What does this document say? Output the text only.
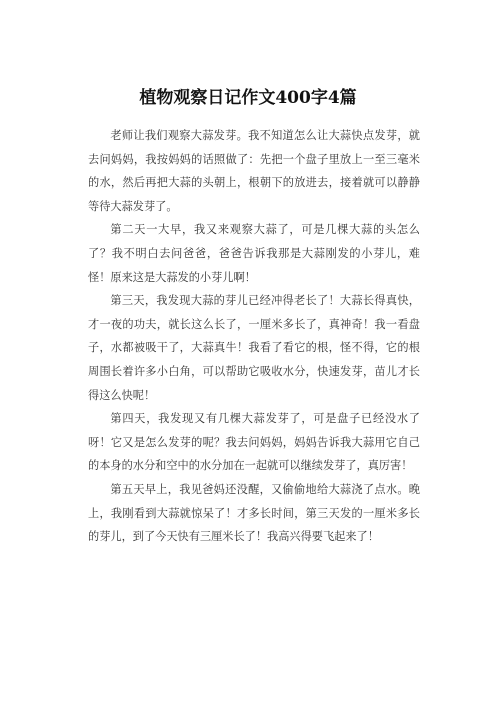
植物观察日记作文400字4篇

老师让我们观察大蒜发芽。我不知道怎么让大蒜快点发芽，就去问妈妈，我按妈妈的话照做了：先把一个盘子里放上一至三毫米的水，然后再把大蒜的头朝上，根朝下的放进去，接着就可以静静等待大蒜发芽了。

第二天一大早，我又来观察大蒜了，可是几棵大蒜的头怎么了？我不明白去问爸爸，爸爸告诉我那是大蒜刚发的小芽儿，难怪！原来这是大蒜发的小芽儿啊！

第三天，我发现大蒜的芽儿已经冲得老长了！大蒜长得真快，才一夜的功夫，就长这么长了，一厘米多长了，真神奇！我一看盘子，水都被吸干了，大蒜真牛！我看了看它的根，怪不得，它的根周围长着许多小白角，可以帮助它吸收水分，快速发芽，苗儿才长得这么快呢！

第四天，我发现又有几棵大蒜发芽了，可是盘子已经没水了呀！它又是怎么发芽的呢？我去问妈妈，妈妈告诉我大蒜用它自己的本身的水分和空中的水分加在一起就可以继续发芽了，真厉害！

第五天早上，我见爸妈还没醒，又偷偷地给大蒜浇了点水。晚上，我刚看到大蒜就惊呆了！才多长时间，第三天发的一厘米多长的芽儿，到了今天快有三厘米长了！我高兴得要飞起来了！
